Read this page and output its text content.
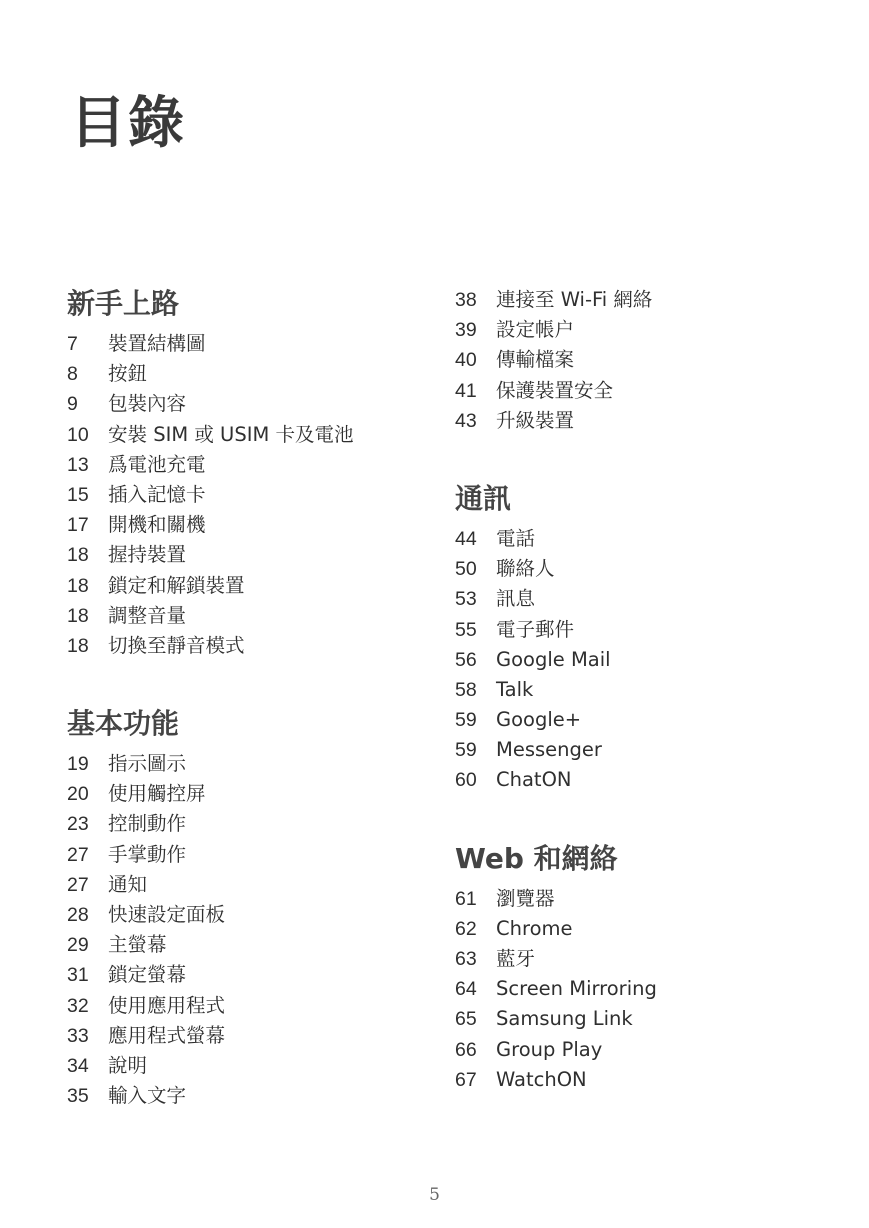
目錄
新手上路
7	裝置結構圖
8	按鈕
9	包裝內容
10 安裝 SIM 或 USIM 卡及電池
13 爲電池充電
15 插入記憶卡
17 開機和關機
18 握持裝置
18 鎖定和解鎖裝置
18 調整音量
18 切換至靜音模式
基本功能
19 指示圖示
20 使用觸控屏
23 控制動作
27 手掌動作
27 通知
28 快速設定面板
29 主螢幕
31 鎖定螢幕
32 使用應用程式
33 應用程式螢幕
34 說明
35 輸入文字
38 連接至 Wi-Fi 網絡
39 設定帳户
40 傳輸檔案
41 保護裝置安全
43 升級裝置
通訊
44 電話
50 聯絡人
53 訊息
55 電子郵件
56 Google Mail
58 Talk
59 Google+
59 Messenger
60 ChatON
Web 和網絡
61 瀏覽器
62 Chrome
63 藍牙
64 Screen Mirroring
65 Samsung Link
66 Group Play
67 WatchON
5
